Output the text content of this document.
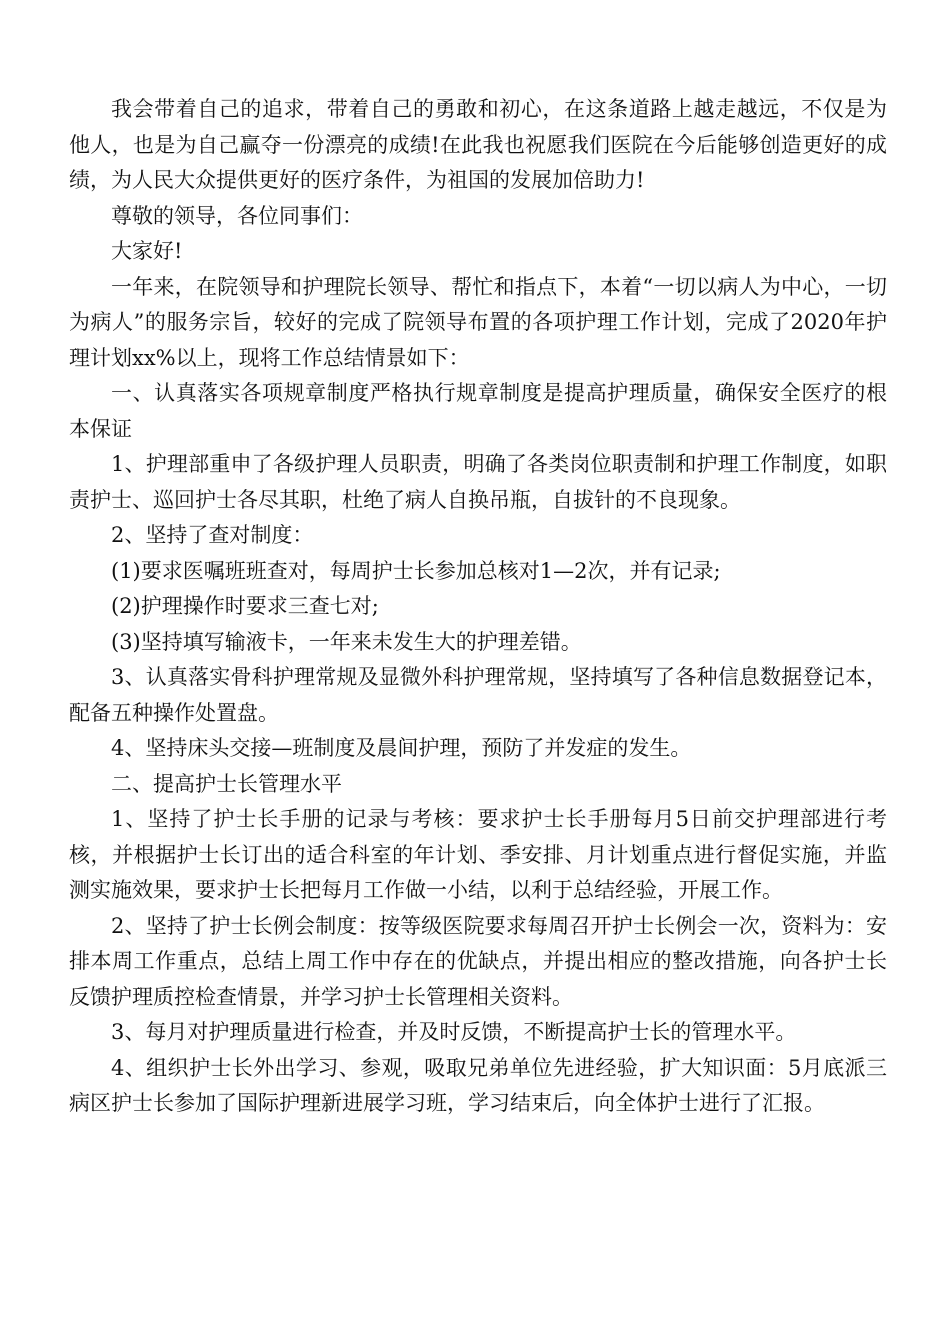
我会带着自己的追求，带着自己的勇敢和初心，在这条道路上越走越远，不仅是为他人，也是为自己赢夺一份漂亮的成绩!在此我也祝愿我们医院在今后能够创造更好的成绩，为人民大众提供更好的医疗条件，为祖国的发展加倍助力!

尊敬的领导，各位同事们：

大家好!

一年来，在院领导和护理院长领导、帮忙和指点下，本着“一切以病人为中心，一切为病人”的服务宗旨，较好的完成了院领导布置的各项护理工作计划，完成了2020年护理计划xx%以上，现将工作总结情景如下：

一、认真落实各项规章制度严格执行规章制度是提高护理质量，确保安全医疗的根本保证

1、护理部重申了各级护理人员职责，明确了各类岗位职责制和护理工作制度，如职责护士、巡回护士各尽其职，杜绝了病人自换吊瓶，自拔针的不良现象。

2、坚持了查对制度：

(1)要求医嘱班班查对，每周护士长参加总核对1—2次，并有记录;

(2)护理操作时要求三查七对;

(3)坚持填写输液卡，一年来未发生大的护理差错。

3、认真落实骨科护理常规及显微外科护理常规，坚持填写了各种信息数据登记本，配备五种操作处置盘。

4、坚持床头交接—班制度及晨间护理，预防了并发症的发生。

二、提高护士长管理水平

1、坚持了护士长手册的记录与考核：要求护士长手册每月5日前交护理部进行考核，并根据护士长订出的适合科室的年计划、季安排、月计划重点进行督促实施，并监测实施效果，要求护士长把每月工作做一小结，以利于总结经验，开展工作。

2、坚持了护士长例会制度：按等级医院要求每周召开护士长例会一次，资料为：安排本周工作重点，总结上周工作中存在的优缺点，并提出相应的整改措施，向各护士长反馈护理质控检查情景，并学习护士长管理相关资料。

3、每月对护理质量进行检查，并及时反馈，不断提高护士长的管理水平。

4、组织护士长外出学习、参观，吸取兄弟单位先进经验，扩大知识面：5月底派三病区护士长参加了国际护理新进展学习班，学习结束后，向全体护士进行了汇报。
